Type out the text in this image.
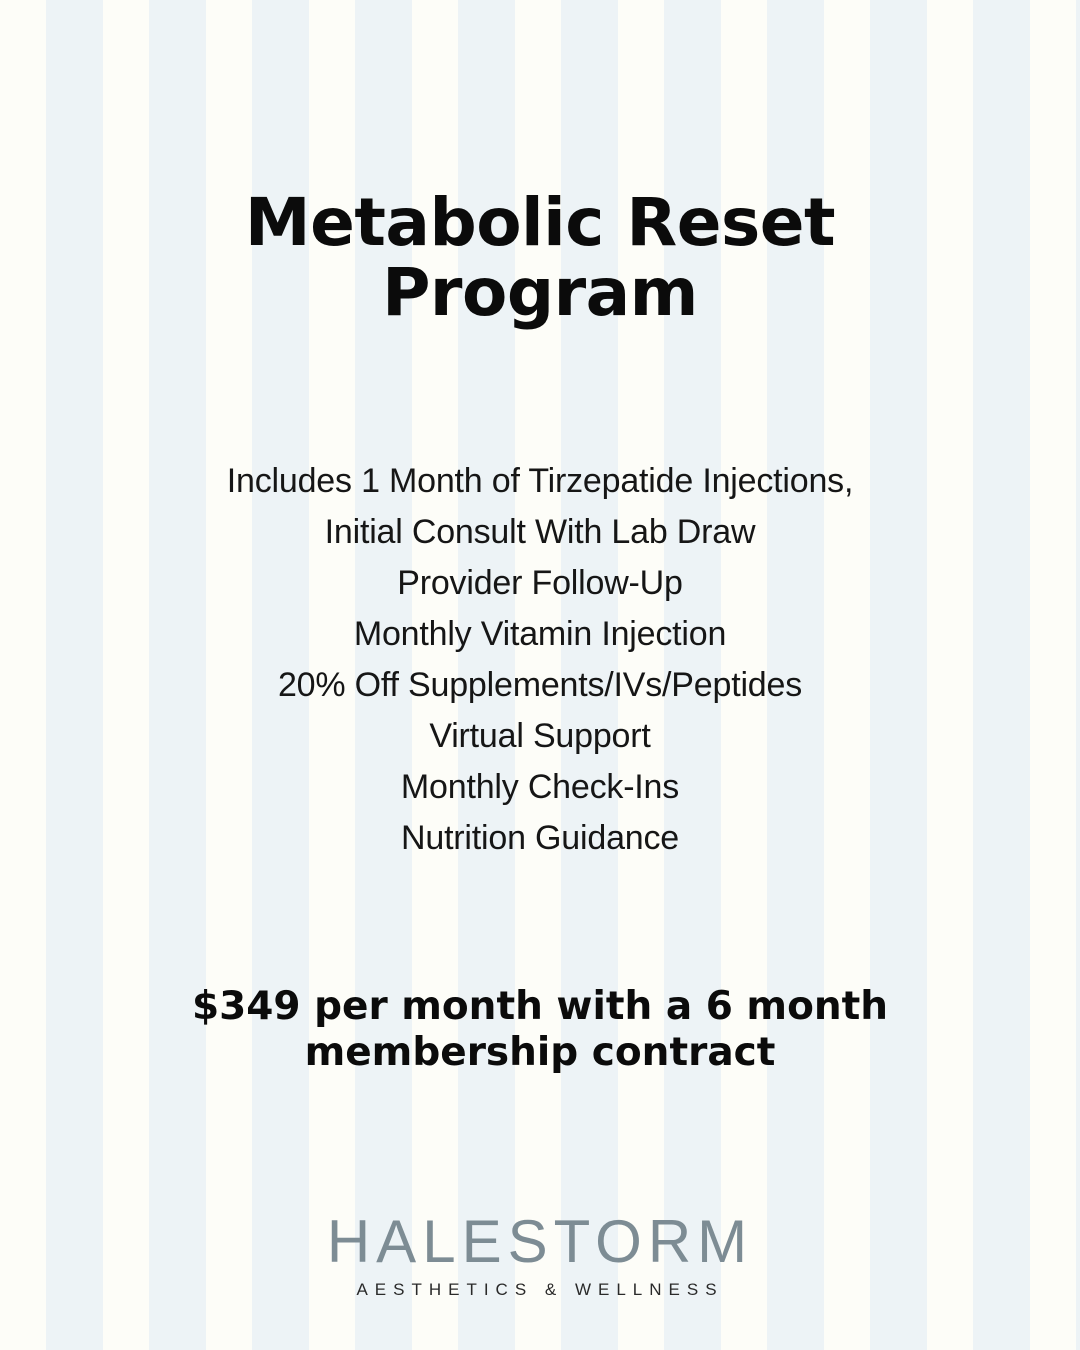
Metabolic Reset
Program
Includes 1 Month of Tirzepatide Injections,
Initial Consult With Lab Draw
Provider Follow-Up
Monthly Vitamin Injection
20% Off Supplements/IVs/Peptides
Virtual Support
Monthly Check-Ins
Nutrition Guidance
$349 per month with a 6 month
membership contract
HALESTORM
AESTHETICS & WELLNESS
